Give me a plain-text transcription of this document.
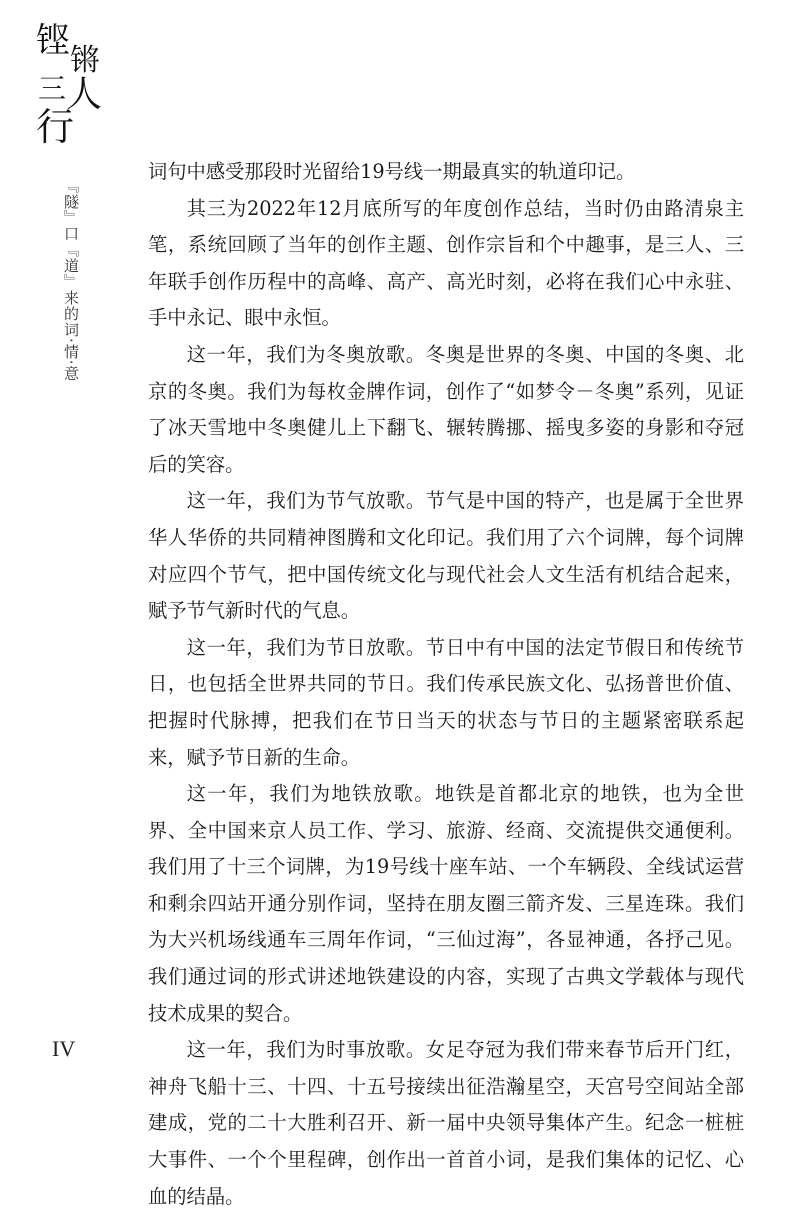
铿 锵
三 人
行
『隧』口『道』来的词·情·意

词句中感受那段时光留给19号线一期最真实的轨道印记。

其三为2022年12月底所写的年度创作总结，当时仍由路清泉主笔，系统回顾了当年的创作主题、创作宗旨和个中趣事，是三人、三年联手创作历程中的高峰、高产、高光时刻，必将在我们心中永驻、手中永记、眼中永恒。

这一年，我们为冬奥放歌。冬奥是世界的冬奥、中国的冬奥、北京的冬奥。我们为每枚金牌作词，创作了“如梦令－冬奥”系列，见证了冰天雪地中冬奥健儿上下翻飞、辗转腾挪、摇曳多姿的身影和夺冠后的笑容。

这一年，我们为节气放歌。节气是中国的特产，也是属于全世界华人华侨的共同精神图腾和文化印记。我们用了六个词牌，每个词牌对应四个节气，把中国传统文化与现代社会人文生活有机结合起来，赋予节气新时代的气息。

这一年，我们为节日放歌。节日中有中国的法定节假日和传统节日，也包括全世界共同的节日。我们传承民族文化、弘扬普世价值、把握时代脉搏，把我们在节日当天的状态与节日的主题紧密联系起来，赋予节日新的生命。

这一年，我们为地铁放歌。地铁是首都北京的地铁，也为全世界、全中国来京人员工作、学习、旅游、经商、交流提供交通便利。我们用了十三个词牌，为19号线十座车站、一个车辆段、全线试运营和剩余四站开通分别作词，坚持在朋友圈三箭齐发、三星连珠。我们为大兴机场线通车三周年作词，“三仙过海”，各显神通，各抒己见。我们通过词的形式讲述地铁建设的内容，实现了古典文学载体与现代技术成果的契合。

这一年，我们为时事放歌。女足夺冠为我们带来春节后开门红，神舟飞船十三、十四、十五号接续出征浩瀚星空，天宫号空间站全部建成，党的二十大胜利召开、新一届中央领导集体产生。纪念一桩桩大事件、一个个里程碑，创作出一首首小词，是我们集体的记忆、心血的结晶。

IV
